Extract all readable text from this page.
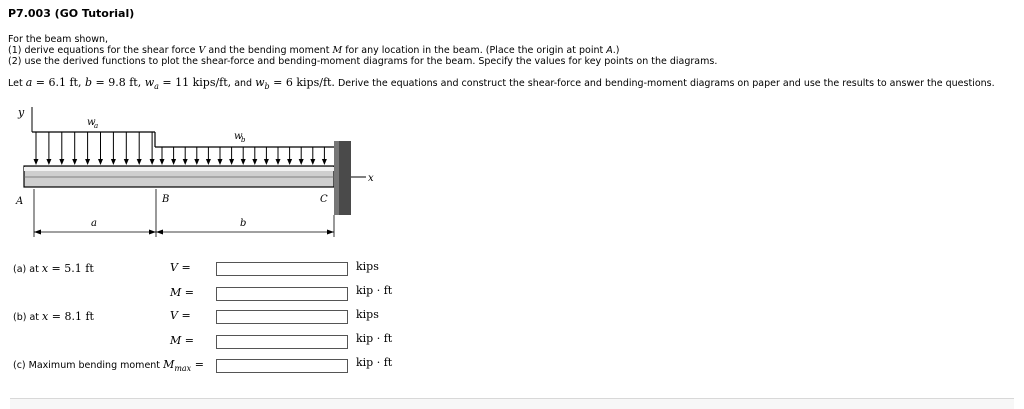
P7.003 (GO Tutorial)
For the beam shown,
(1) derive equations for the shear force V and the bending moment M for any location in the beam. (Place the origin at point A.)
(2) use the derived functions to plot the shear-force and bending-moment diagrams for the beam. Specify the values for key points on the diagrams.
Let a = 6.1 ft, b = 9.8 ft, $w_a = 11$ kips/ft, and $w_b = 6$ kips/ft. Derive the equations and construct the shear-force and bending-moment diagrams on paper and use the results to answer the questions.
y
w
a
w
b
x
A	B	C
a	b
(a) at x = 5.1 ft	V =	kips
M =	kip · ft
(b) at x = 8.1 ft	V =	kips
M =	kip · ft
(c) Maximum bending moment $M_{max}$ =	kip · ft
